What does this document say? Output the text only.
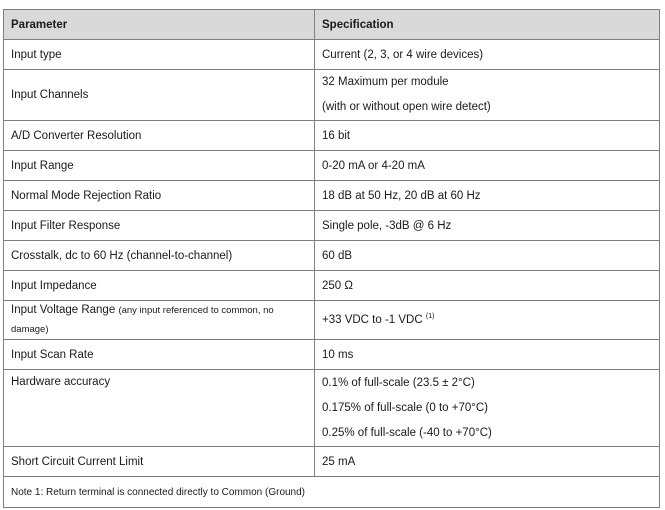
Parameter	Specification
Input type	Current (2, 3, or 4 wire devices)
Input Channels	32 Maximum per module
(with or without open wire detect)

A/D Converter Resolution	16 bit
Input Range	0-20 mA or 4-20 mA
Normal Mode Rejection Ratio	18 dB at 50 Hz, 20 dB at 60 Hz
Input Filter Response	Single pole, -3dB @ 6 Hz
Crosstalk, dc to 60 Hz (channel-to-channel)	60 dB
Input Impedance	250 Ω
Input Voltage Range (any input referenced to common, no
damage)	+33 VDC to -1 VDC $^{(1)}$
Input Scan Rate	10 ms
Hardware accuracy	0.1% of full-scale (23.5 ± 2°C)
0.175% of full-scale (0 to +70°C)
0.25% of full-scale (-40 to +70°C)

Short Circuit Current Limit	25 mA
Note 1: Return terminal is connected directly to Common (Ground)	
